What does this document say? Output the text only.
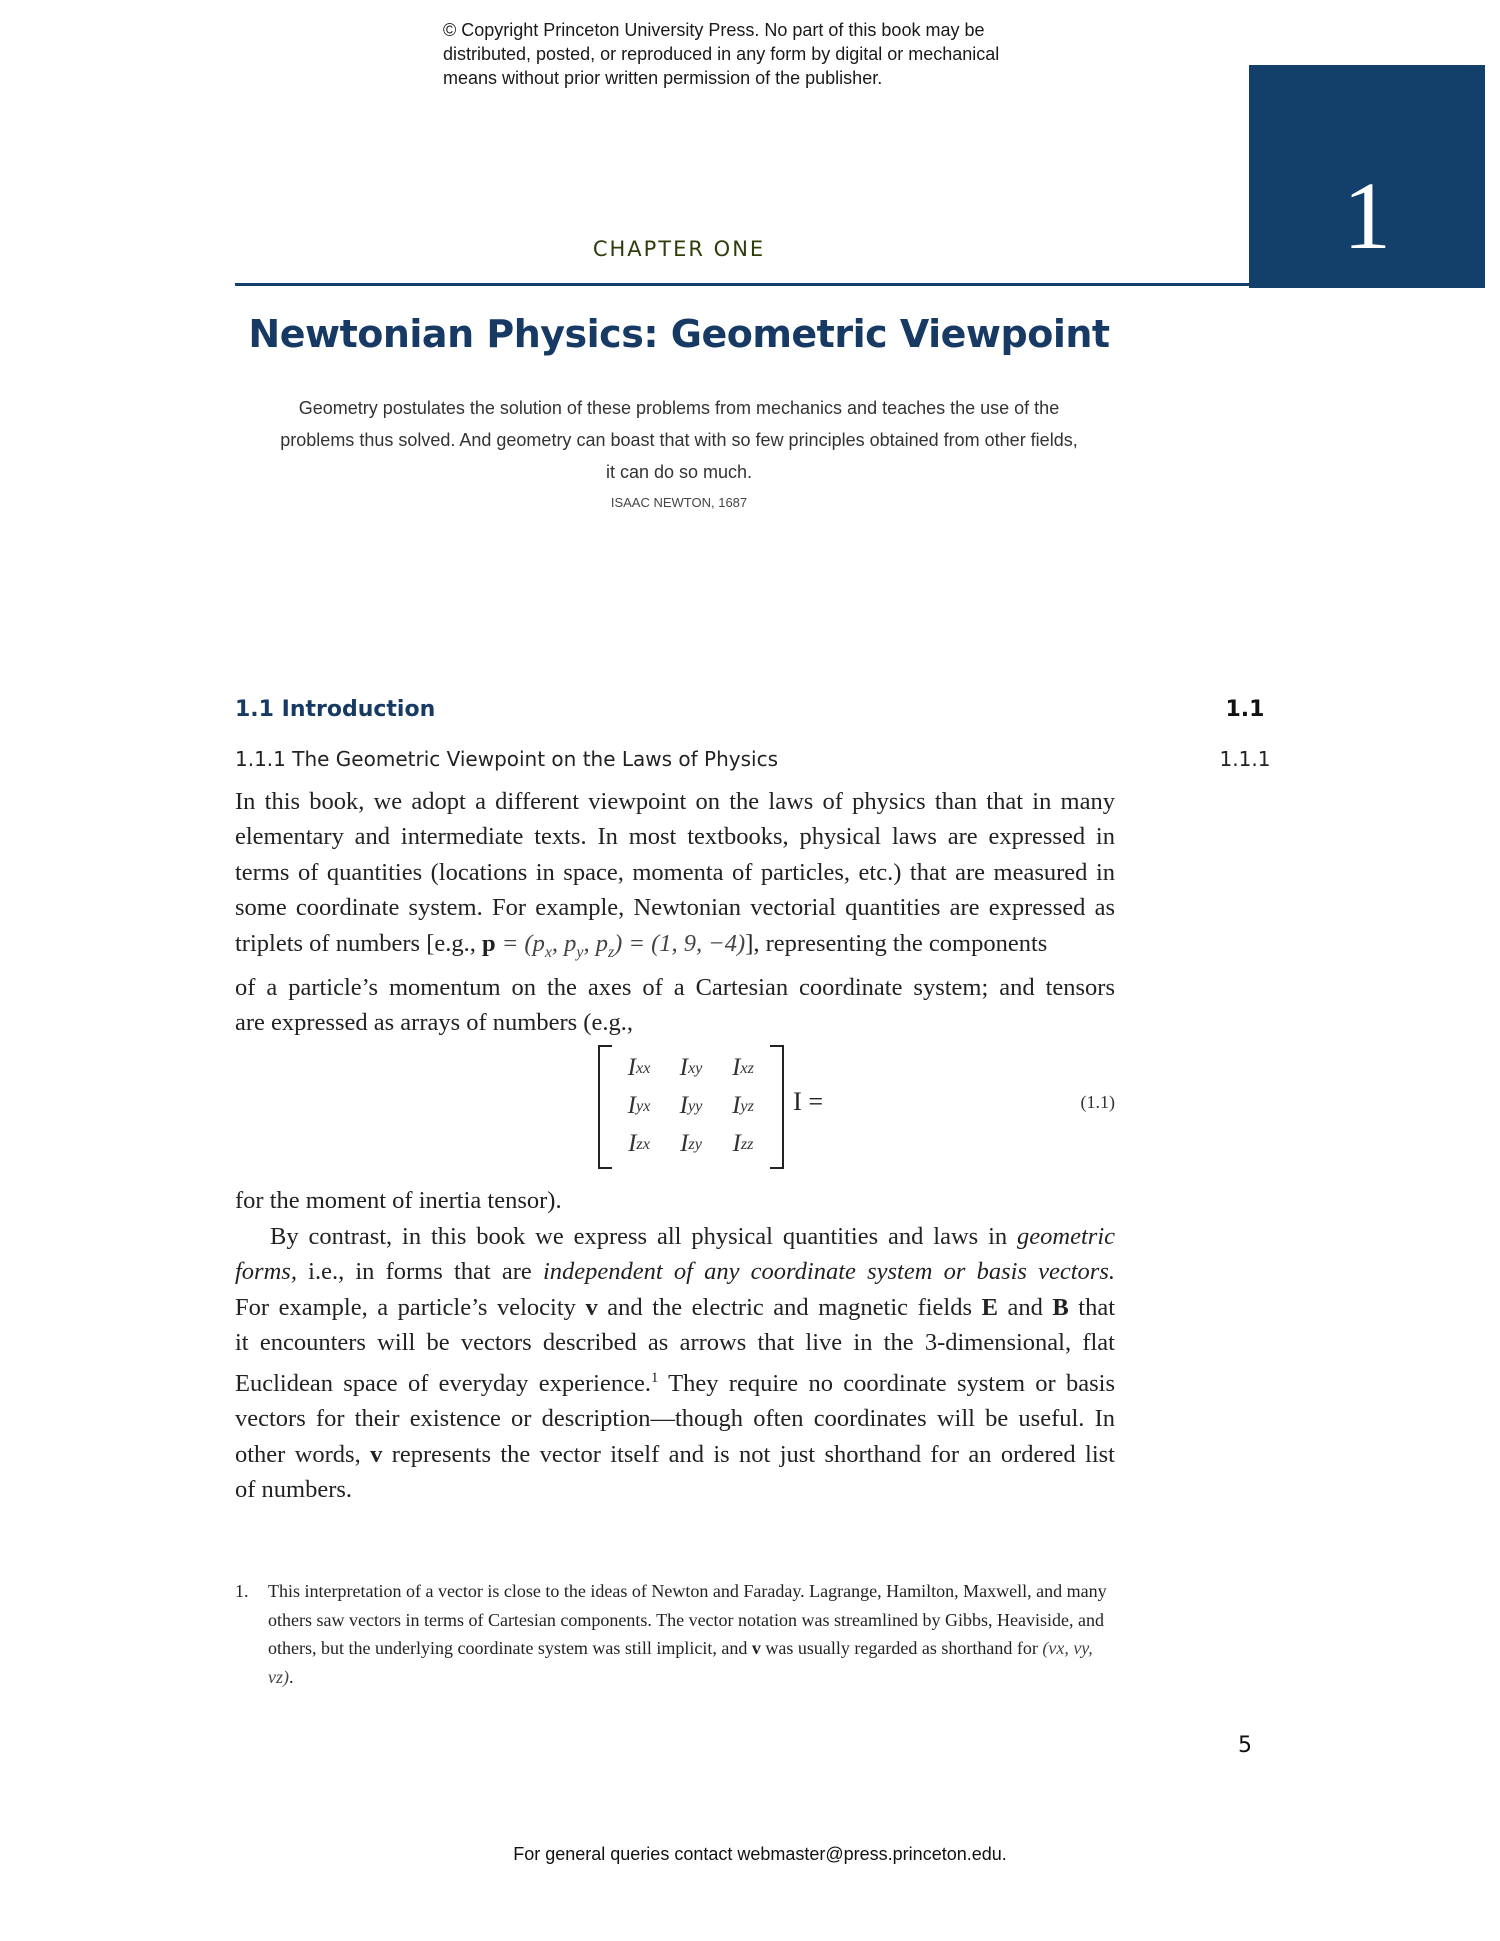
© Copyright Princeton University Press. No part of this book may be
distributed, posted, or reproduced in any form by digital or mechanical
means without prior written permission of the publisher.
1
CHAPTER ONE
Newtonian Physics: Geometric Viewpoint
Geometry postulates the solution of these problems from mechanics and teaches the use of the
problems thus solved. And geometry can boast that with so few principles obtained from other fields,
it can do so much.
ISAAC NEWTON, 1687
1.1 Introduction	1.1
1.1.1 The Geometric Viewpoint on the Laws of Physics	1.1.1
In this book, we adopt a different viewpoint on the laws of physics than that in many
elementary and intermediate texts. In most textbooks, physical laws are expressed in
terms of quantities (locations in space, momenta of particles, etc.) that are measured in
some coordinate system. For example, Newtonian vectorial quantities are expressed as
triplets of numbers [e.g., $p = (p_x$, $p_y$, $p_z) = (1$, 9, −4)], representing the components
of a particle’s momentum on the axes of a Cartesian coordinate system; and tensors
are expressed as arrays of numbers (e.g.,
I =
I xx	I xy	I xz
I yx	I yy	I yz
I zx	I zy	I zz
(1.1)
for the moment of inertia tensor).
By contrast, in this book we express all physical quantities and laws in geometric
forms, i.e., in forms that are independent of any coordinate system or basis vectors.
For example, a particle’s velocity v and the electric and magnetic fields E and B that
it encounters will be vectors described as arrows that live in the 3-dimensional, flat
Euclidean space of everyday experience.$^1$ They require no coordinate system or basis
vectors for their existence or description—though often coordinates will be useful. In
other words, v represents the vector itself and is not just shorthand for an ordered list
of numbers.
1. This interpretation of a vector is close to the ideas of Newton and Faraday. Lagrange, Hamilton, Maxwell, and many others saw vectors in terms of Cartesian components. The vector notation was streamlined by Gibbs, Heaviside, and others, but the underlying coordinate system was still implicit, and v was usually regarded as shorthand for (vx, vy, vz).
5
For general queries contact webmaster@press.princeton.edu.
